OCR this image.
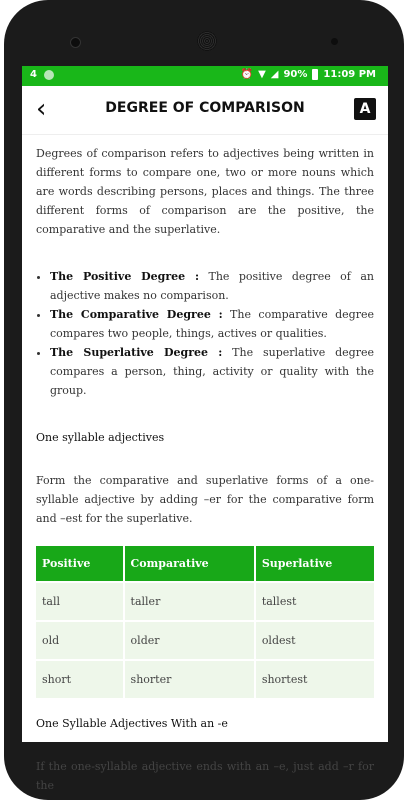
4	⏰ ▼ ◢ 90% 11:09 PM
‹	DEGREE OF COMPARISON	A

Degrees of comparison refers to adjectives being written in different forms to compare one, two or more nouns which are words describing persons, places and things. The three different forms of comparison are the positive, the comparative and the superlative.

• The Positive Degree : The positive degree of an adjective makes no comparison.
• The Comparative Degree : The comparative degree compares two people, things, actives or qualities.
• The Superlative Degree : The superlative degree compares a person, thing, activity or quality with the group.
One syllable adjectives

Form the comparative and superlative forms of a one-syllable adjective by adding –er for the comparative form and –est for the superlative.

Positive	Comparative	Superlative
tall	taller	tallest
old	older	oldest
short	shorter	shortest
One Syllable Adjectives With an -e

If the one-syllable adjective ends with an –e, just add –r for the
